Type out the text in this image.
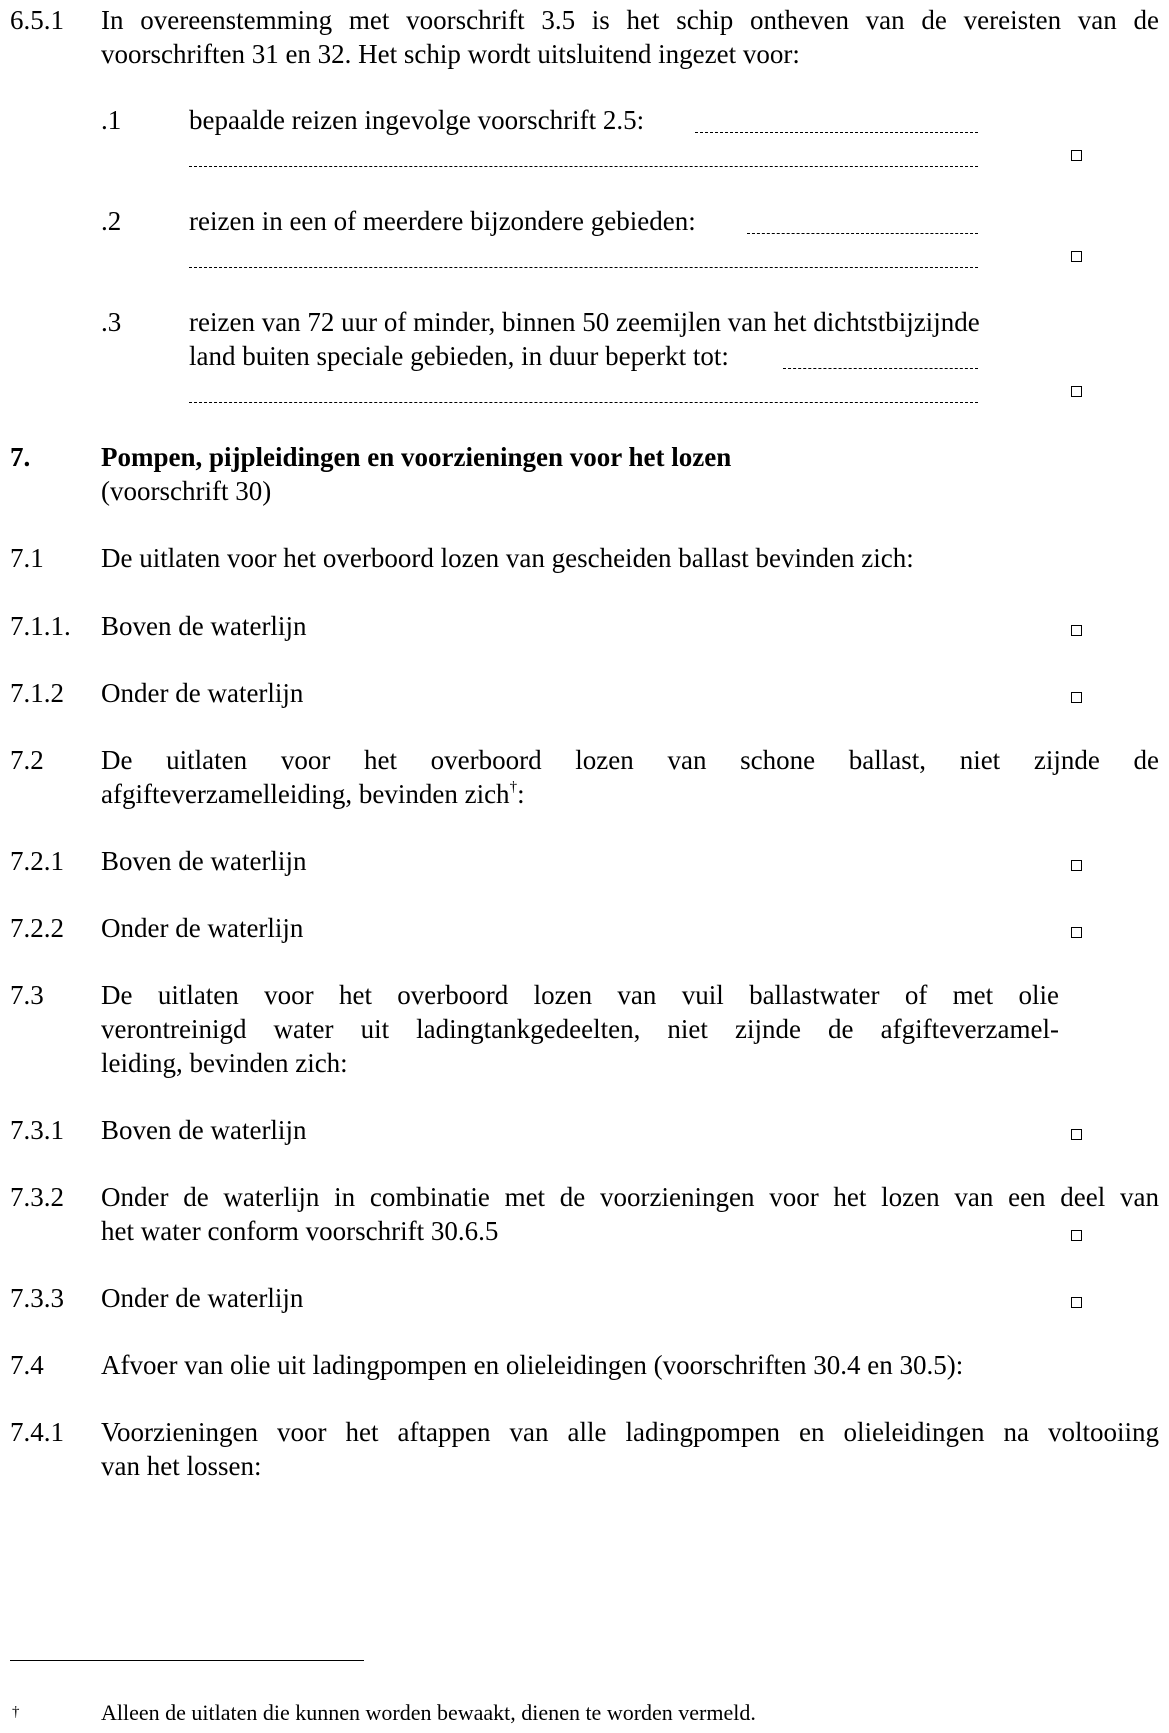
6.5.1 In overeenstemming met voorschrift 3.5 is het schip ontheven van de vereisten van de
voorschriften 31 en 32. Het schip wordt uitsluitend ingezet voor:
.1	bepaalde reizen ingevolge voorschrift 2.5:
.2	reizen in een of meerdere bijzondere gebieden:
.3	reizen van 72 uur of minder, binnen 50 zeemijlen van het dichtstbijzijnde
land buiten speciale gebieden, in duur beperkt tot:
7.	Pompen, pijpleidingen en voorzieningen voor het lozen
(voorschrift 30)
7.1 De uitlaten voor het overboord lozen van gescheiden ballast bevinden zich:
7.1.1. Boven de waterlijn
7.1.2 Onder de waterlijn
7.2 De uitlaten voor het overboord lozen van schone ballast, niet zijnde de
afgifteverzamelleiding, bevinden zich†:
7.2.1 Boven de waterlijn
7.2.2 Onder de waterlijn
7.3 De uitlaten voor het overboord lozen van vuil ballastwater of met olie
verontreinigd water uit ladingtankgedeelten, niet zijnde de afgifteverzamel-
leiding, bevinden zich:
7.3.1 Boven de waterlijn
7.3.2 Onder de waterlijn in combinatie met de voorzieningen voor het lozen van een deel van
het water conform voorschrift 30.6.5
7.3.3 Onder de waterlijn
7.4 Afvoer van olie uit ladingpompen en olieleidingen (voorschriften 30.4 en 30.5):
7.4.1 Voorzieningen voor het aftappen van alle ladingpompen en olieleidingen na voltooiing
van het lossen:
†	Alleen de uitlaten die kunnen worden bewaakt, dienen te worden vermeld.
